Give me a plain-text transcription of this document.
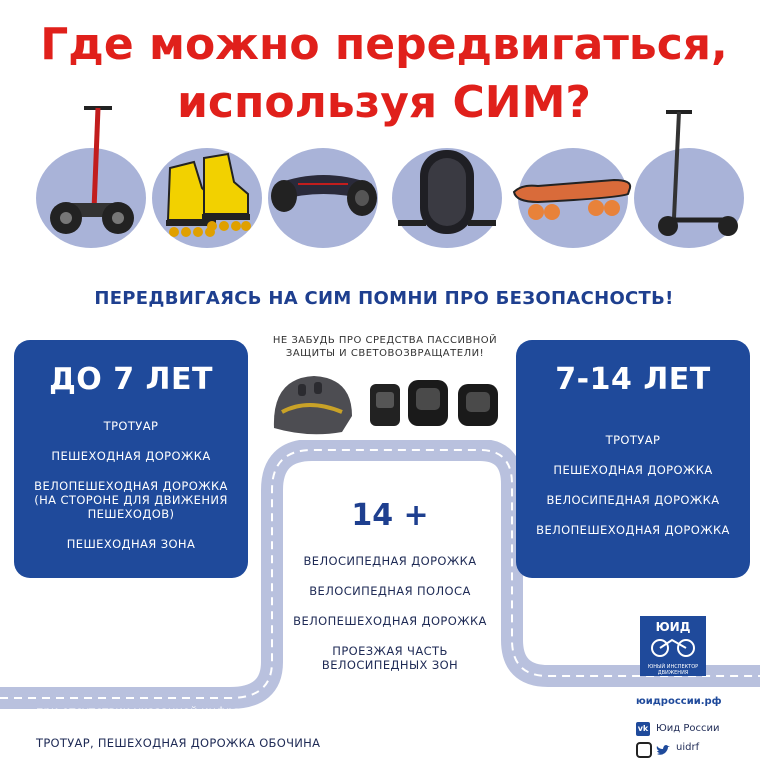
Где можно передвигаться,
используя СИМ?
ПЕРЕДВИГАЯСЬ НА СИМ ПОМНИ ПРО БЕЗОПАСНОСТЬ!
НЕ ЗАБУДЬ ПРО СРЕДСТВА ПАССИВНОЙ
ЗАЩИТЫ И СВЕТОВОЗВРАЩАТЕЛИ!
ДО 7 ЛЕТ
ТРОТУАР
ПЕШЕХОДНАЯ ДОРОЖКА
ВЕЛОПЕШЕХОДНАЯ ДОРОЖКА
(НА СТОРОНЕ ДЛЯ ДВИЖЕНИЯ
ПЕШЕХОДОВ)
ПЕШЕХОДНАЯ ЗОНА
7-14 ЛЕТ
ТРОТУАР
ПЕШЕХОДНАЯ ДОРОЖКА
ВЕЛОСИПЕДНАЯ ДОРОЖКА
ВЕЛОПЕШЕХОДНАЯ ДОРОЖКА
14 +
ВЕЛОСИПЕДНАЯ ДОРОЖКА
ВЕЛОСИПЕДНАЯ ПОЛОСА
ВЕЛОПЕШЕХОДНАЯ ДОРОЖКА
ПРОЕЗЖАЯ ЧАСТЬ
ВЕЛОСИПЕДНЫХ ЗОН
при отсутствии указанной инфраструктуры:
ТРОТУАР, ПЕШЕХОДНАЯ ДОРОЖКА ОБОЧИНА
ЮИД
ЮНЫЙ ИНСПЕКТОР ДВИЖЕНИЯ
юидроссии.рф
vk Юид России
uidrf
